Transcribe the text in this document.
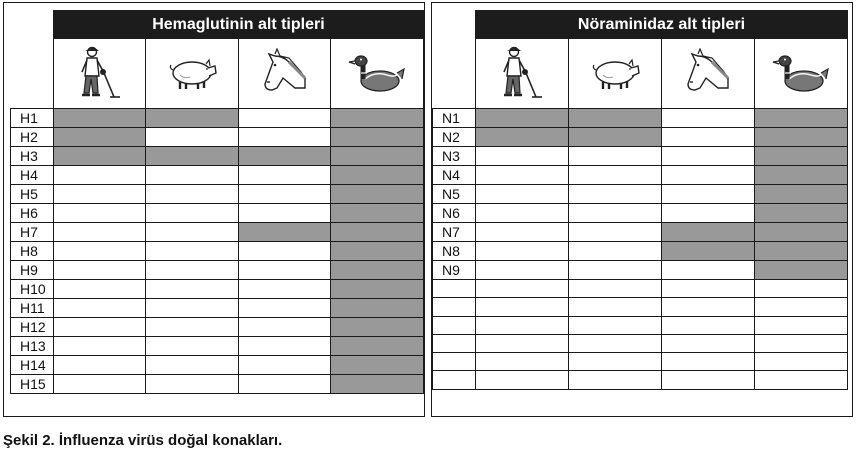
	Hemaglutinin alt tipleri			

H1				
H2				
H3				
H4				
H5				
H6				
H7				
H8				
H9				
H10				
H11				
H12				
H13				
H14				
H15				
	Nöraminidaz alt tipleri			

N1				
N2				
N3				
N4				
N5				
N6				
N7				
N8				
N9				

Şekil 2. İnfluenza virüs doğal konakları.
